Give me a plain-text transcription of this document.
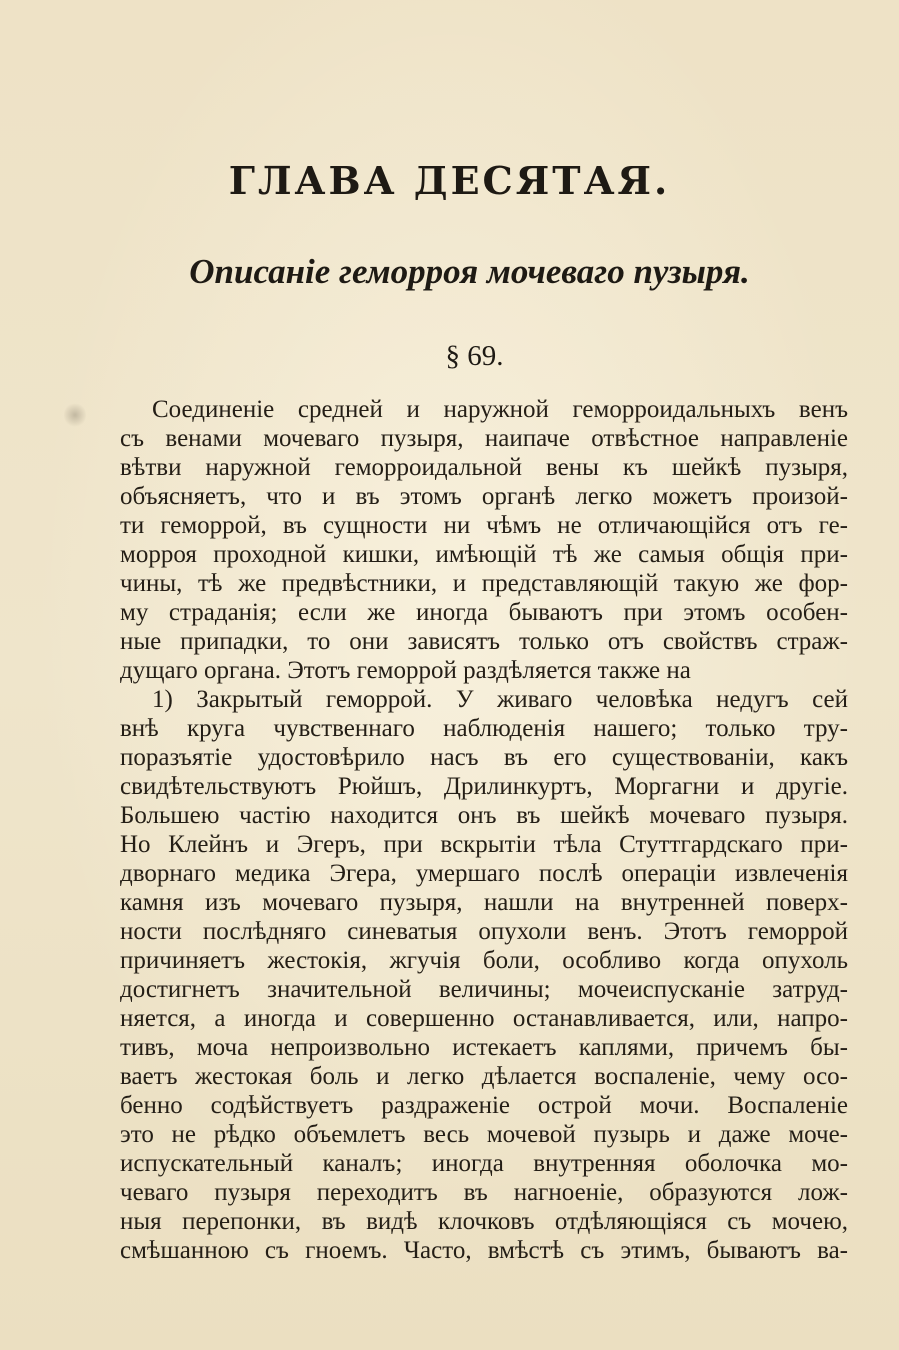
ГЛАВА ДЕСЯТАЯ.
Описаніе геморроя мочеваго пузыря.
§ 69.
Соединеніе средней и наружной геморроидальныхъ венъ
съ венами мочеваго пузыря, наипаче отвѣстное направленіе
вѣтви наружной геморроидальной вены къ шейкѣ пузыря,
объясняетъ, что и въ этомъ органѣ легко можетъ произой-
ти геморрой, въ сущности ни чѣмъ не отличающійся отъ ге-
морроя проходной кишки, имѣющій тѣ же самыя общія при-
чины, тѣ же предвѣстники, и представляющій такую же фор-
му страданія; если же иногда бываютъ при этомъ особен-
ные припадки, то они зависятъ только отъ свойствъ страж-
дущаго органа. Этотъ геморрой раздѣляется также на
1) Закрытый геморрой. У живаго человѣка недугъ сей
внѣ круга чувственнаго наблюденія нашего; только тру-
поразъятіе удостовѣрило насъ въ его существованіи, какъ
свидѣтельствуютъ Рюйшъ, Дрилинкуртъ, Моргагни и другіе.
Большею частію находится онъ въ шейкѣ мочеваго пузыря.
Но Клейнъ и Эгеръ, при вскрытіи тѣла Стуттгардскаго при-
дворнаго медика Эгера, умершаго послѣ операціи извлеченія
камня изъ мочеваго пузыря, нашли на внутренней поверх-
ности послѣдняго синеватыя опухоли венъ. Этотъ геморрой
причиняетъ жестокія, жгучія боли, особливо когда опухоль
достигнетъ значительной величины; мочеиспусканіе затруд-
няется, а иногда и совершенно останавливается, или, напро-
тивъ, моча непроизвольно истекаетъ каплями, причемъ бы-
ваетъ жестокая боль и легко дѣлается воспаленіе, чему осо-
бенно содѣйствуетъ раздраженіе острой мочи. Воспаленіе
это не рѣдко объемлетъ весь мочевой пузырь и даже моче-
испускательный каналъ; иногда внутренняя оболочка мо-
чеваго пузыря переходитъ въ нагноеніе, образуются лож-
ныя перепонки, въ видѣ клочковъ отдѣляющіяся съ мочею,
смѣшанною съ гноемъ. Часто, вмѣстѣ съ этимъ, бываютъ ва-
